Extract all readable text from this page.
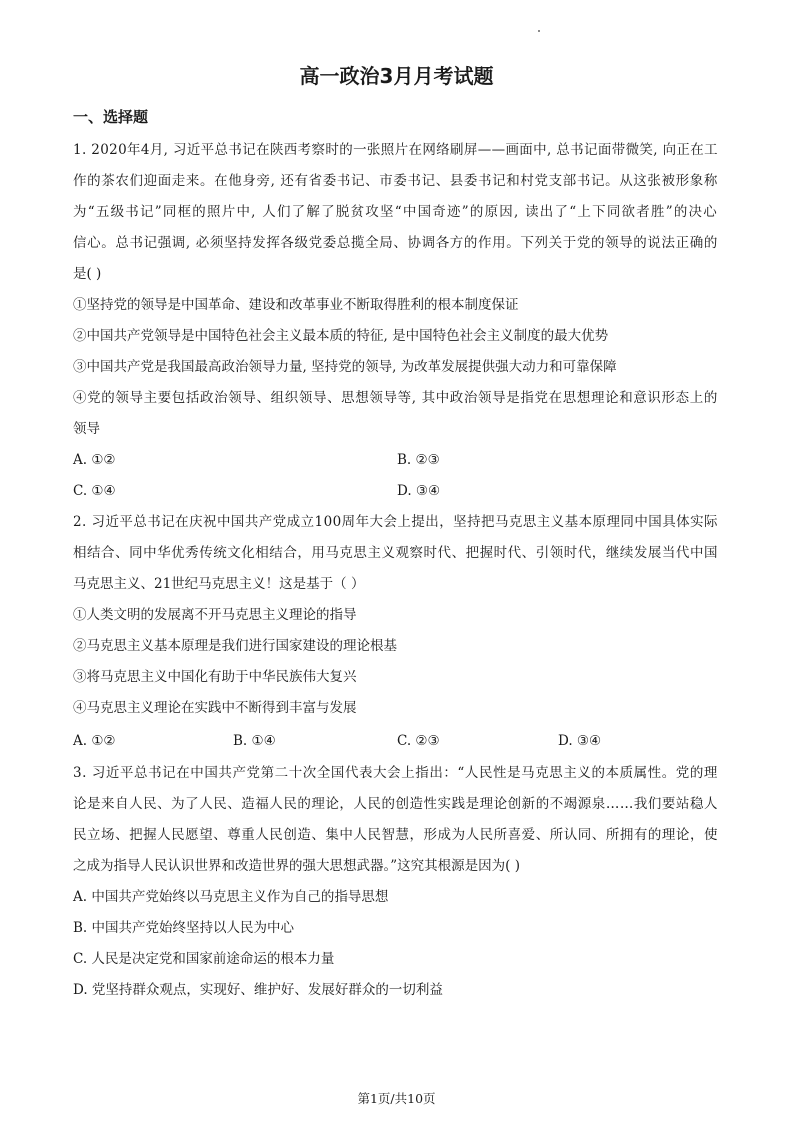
高一政治3月月考试题
一、选择题
1. 2020年4月, 习近平总书记在陕西考察时的一张照片在网络刷屏——画面中, 总书记面带微笑, 向正在工
作的茶农们迎面走来。在他身旁, 还有省委书记、市委书记、县委书记和村党支部书记。从这张被形象称
为“五级书记”同框的照片中, 人们了解了脱贫攻坚“中国奇迹”的原因, 读出了“上下同欲者胜”的决心
信心。总书记强调, 必须坚持发挥各级党委总揽全局、协调各方的作用。下列关于党的领导的说法正确的
是( )
①坚持党的领导是中国革命、建设和改革事业不断取得胜利的根本制度保证
②中国共产党领导是中国特色社会主义最本质的特征, 是中国特色社会主义制度的最大优势
③中国共产党是我国最高政治领导力量, 坚持党的领导, 为改革发展提供强大动力和可靠保障
④党的领导主要包括政治领导、组织领导、思想领导等, 其中政治领导是指党在思想理论和意识形态上的
领导
A. ①②	B. ②③
C. ①④	D. ③④
2. 习近平总书记在庆祝中国共产党成立100周年大会上提出，坚持把马克思主义基本原理同中国具体实际
相结合、同中华优秀传统文化相结合，用马克思主义观察时代、把握时代、引领时代，继续发展当代中国
马克思主义、21世纪马克思主义！这是基于（ ）
①人类文明的发展离不开马克思主义理论的指导
②马克思主义基本原理是我们进行国家建设的理论根基
③将马克思主义中国化有助于中华民族伟大复兴
④马克思主义理论在实践中不断得到丰富与发展
A. ①②	B. ①④	C. ②③	D. ③④
3. 习近平总书记在中国共产党第二十次全国代表大会上指出：“人民性是马克思主义的本质属性。党的理
论是来自人民、为了人民、造福人民的理论，人民的创造性实践是理论创新的不竭源泉……我们要站稳人
民立场、把握人民愿望、尊重人民创造、集中人民智慧，形成为人民所喜爱、所认同、所拥有的理论，使
之成为指导人民认识世界和改造世界的强大思想武器。”这究其根源是因为( )
A. 中国共产党始终以马克思主义作为自己的指导思想
B. 中国共产党始终坚持以人民为中心
C. 人民是决定党和国家前途命运的根本力量
D. 党坚持群众观点，实现好、维护好、发展好群众的一切利益
第1页/共10页
